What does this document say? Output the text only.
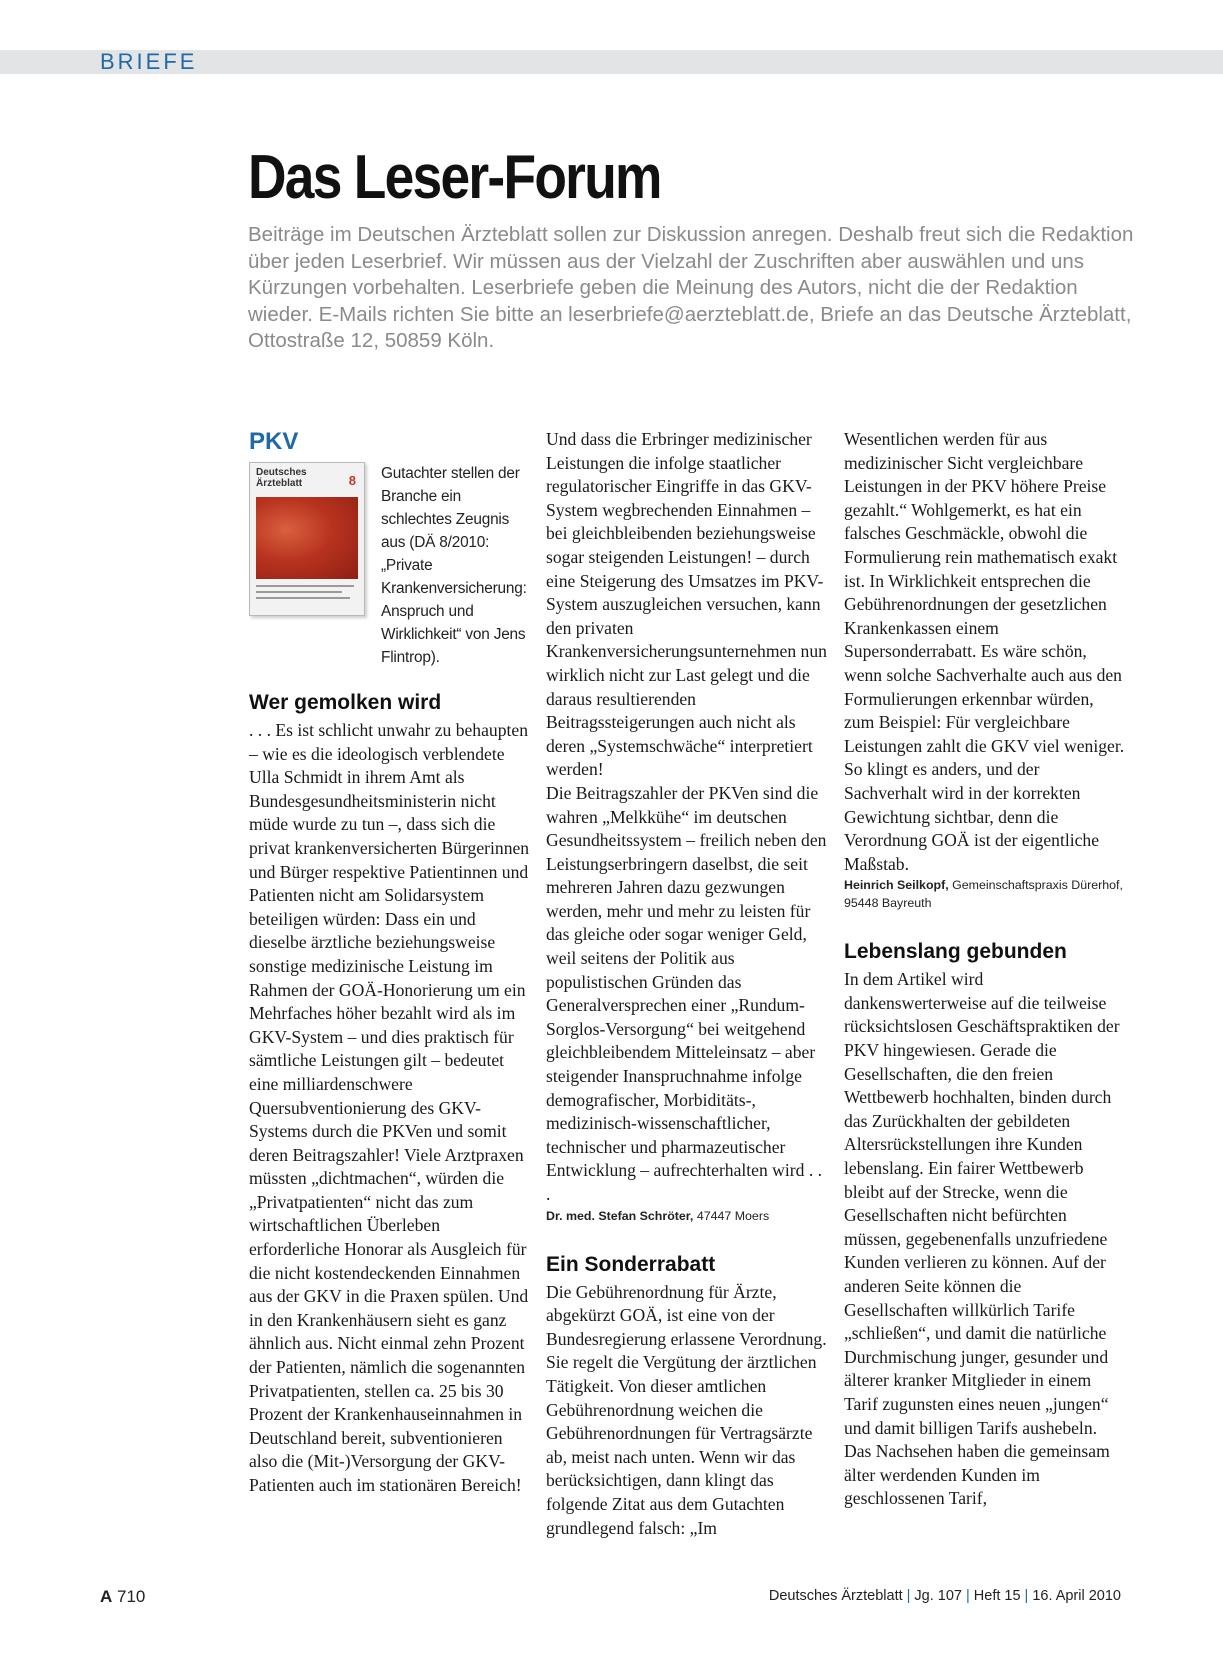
BRIEFE
Das Leser-Forum

Beiträge im Deutschen Ärzteblatt sollen zur Diskussion anregen. Deshalb freut sich die Redaktion über jeden Leserbrief. Wir müssen aus der Vielzahl der Zuschriften aber auswählen und uns Kürzungen vorbehalten. Leserbriefe geben die Meinung des Autors, nicht die der Redaktion wieder. E-Mails richten Sie bitte an leserbriefe@aerzteblatt.de, Briefe an das Deutsche Ärzteblatt, Ottostraße 12, 50859 Köln.

PKV
Deutsches Ärzteblatt	8 Gutachter stellen der Branche ein schlechtes Zeugnis aus (DÄ 8/2010: „Private Krankenversicherung: Anspruch und Wirklichkeit“ von Jens Flintrop).

Wer gemolken wird

. . . Es ist schlicht unwahr zu behaupten – wie es die ideologisch verblendete Ulla Schmidt in ihrem Amt als Bundesgesundheitsministerin nicht müde wurde zu tun –, dass sich die privat krankenversicherten Bürgerinnen und Bürger respektive Patientinnen und Patienten nicht am Solidarsystem beteiligen würden: Dass ein und dieselbe ärztliche beziehungsweise sonstige medizinische Leistung im Rahmen der GOÄ-Honorierung um ein Mehrfaches höher bezahlt wird als im GKV-System – und dies praktisch für sämtliche Leistungen gilt – bedeutet eine milliardenschwere Quersubventionierung des GKV-Systems durch die PKVen und somit deren Beitragszahler! Viele Arztpraxen müssten „dichtmachen“, würden die „Privatpatienten“ nicht das zum wirtschaftlichen Überleben erforderliche Honorar als Ausgleich für die nicht kostendeckenden Einnahmen aus der GKV in die Praxen spülen. Und in den Krankenhäusern sieht es ganz ähnlich aus. Nicht einmal zehn Prozent der Patienten, nämlich die sogenannten Privatpatienten, stellen ca. 25 bis 30 Prozent der Krankenhauseinnahmen in Deutschland bereit, subventionieren also die (Mit-)Versorgung der GKV-Patienten auch im stationären Bereich!

Und dass die Erbringer medizinischer Leistungen die infolge staatlicher regulatorischer Eingriffe in das GKV-System wegbrechenden Einnahmen – bei gleichbleibenden beziehungsweise sogar steigenden Leistungen! – durch eine Steigerung des Umsatzes im PKV-System auszugleichen versuchen, kann den privaten Krankenversicherungsunternehmen nun wirklich nicht zur Last gelegt und die daraus resultierenden Beitragssteigerungen auch nicht als deren „Systemschwäche“ interpretiert werden!

Die Beitragszahler der PKVen sind die wahren „Melkkühe“ im deutschen Gesundheitssystem – freilich neben den Leistungserbringern daselbst, die seit mehreren Jahren dazu gezwungen werden, mehr und mehr zu leisten für das gleiche oder sogar weniger Geld, weil seitens der Politik aus populistischen Gründen das Generalversprechen einer „Rundum-Sorglos-Versorgung“ bei weitgehend gleichbleibendem Mitteleinsatz – aber steigender Inanspruchnahme infolge demografischer, Morbiditäts-, medizinisch-wissenschaftlicher, technischer und pharmazeutischer Entwicklung – aufrechterhalten wird . . .

Dr. med. Stefan Schröter, 47447 Moers

Ein Sonderrabatt

Die Gebührenordnung für Ärzte, abgekürzt GOÄ, ist eine von der Bundesregierung erlassene Verordnung. Sie regelt die Vergütung der ärztlichen Tätigkeit. Von dieser amtlichen Gebührenordnung weichen die Gebührenordnungen für Vertragsärzte ab, meist nach unten. Wenn wir das berücksichtigen, dann klingt das folgende Zitat aus dem Gutachten grundlegend falsch: „Im

Wesentlichen werden für aus medizinischer Sicht vergleichbare Leistungen in der PKV höhere Preise gezahlt.“ Wohlgemerkt, es hat ein falsches Geschmäckle, obwohl die Formulierung rein mathematisch exakt ist. In Wirklichkeit entsprechen die Gebührenordnungen der gesetzlichen Krankenkassen einem Supersonderrabatt. Es wäre schön, wenn solche Sachverhalte auch aus den Formulierungen erkennbar würden, zum Beispiel: Für vergleichbare Leistungen zahlt die GKV viel weniger. So klingt es anders, und der Sachverhalt wird in der korrekten Gewichtung sichtbar, denn die Verordnung GOÄ ist der eigentliche Maßstab.

Heinrich Seilkopf, Gemeinschaftspraxis Dürerhof, 95448 Bayreuth

Lebenslang gebunden

In dem Artikel wird dankenswerterweise auf die teilweise rücksichtslosen Geschäftspraktiken der PKV hingewiesen. Gerade die Gesellschaften, die den freien Wettbewerb hochhalten, binden durch das Zurückhalten der gebildeten Altersrückstellungen ihre Kunden lebenslang. Ein fairer Wettbewerb bleibt auf der Strecke, wenn die Gesellschaften nicht befürchten müssen, gegebenenfalls unzufriedene Kunden verlieren zu können. Auf der anderen Seite können die Gesellschaften willkürlich Tarife „schließen“, und damit die natürliche Durchmischung junger, gesunder und älterer kranker Mitglieder in einem Tarif zugunsten eines neuen „jungen“ und damit billigen Tarifs aushebeln. Das Nachsehen haben die gemeinsam älter werdenden Kunden im geschlossenen Tarif,

A 710	Deutsches Ärzteblatt | Jg. 107 | Heft 15 | 16. April 2010
